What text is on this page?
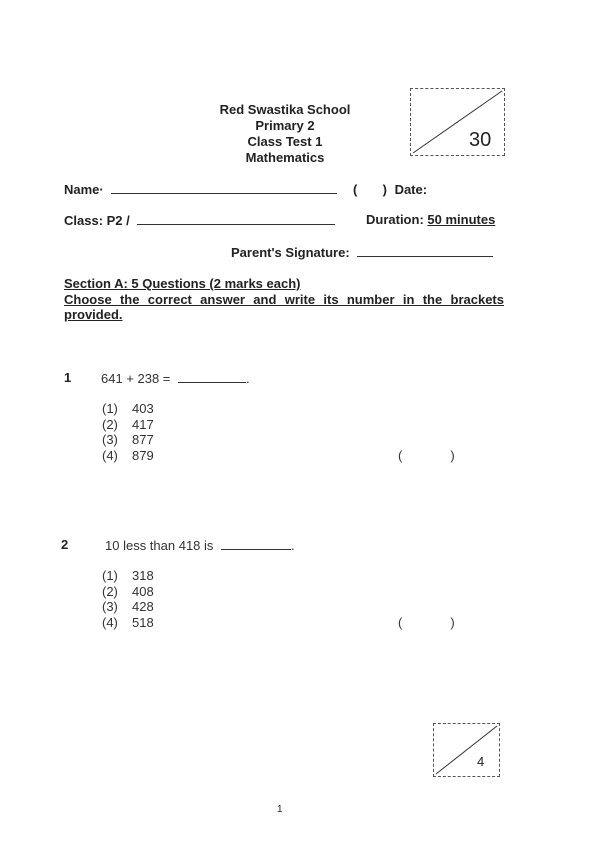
Red Swastika School
Primary 2
Class Test 1
Mathematics
30
Name·	( ) Date:
Class: P2 /	Duration: 50 minutes
Parent's Signature:
Section A: 5 Questions (2 marks each)
Choose the correct answer and write its number in the brackets
provided.
1 641 + 238 =	.
(1) 403
(2) 417
(3) 877
(4) 879	(	)
2	10 less than 418 is	.
(1) 318
(2) 408
(3) 428
(4) 518	(	)
4
1
